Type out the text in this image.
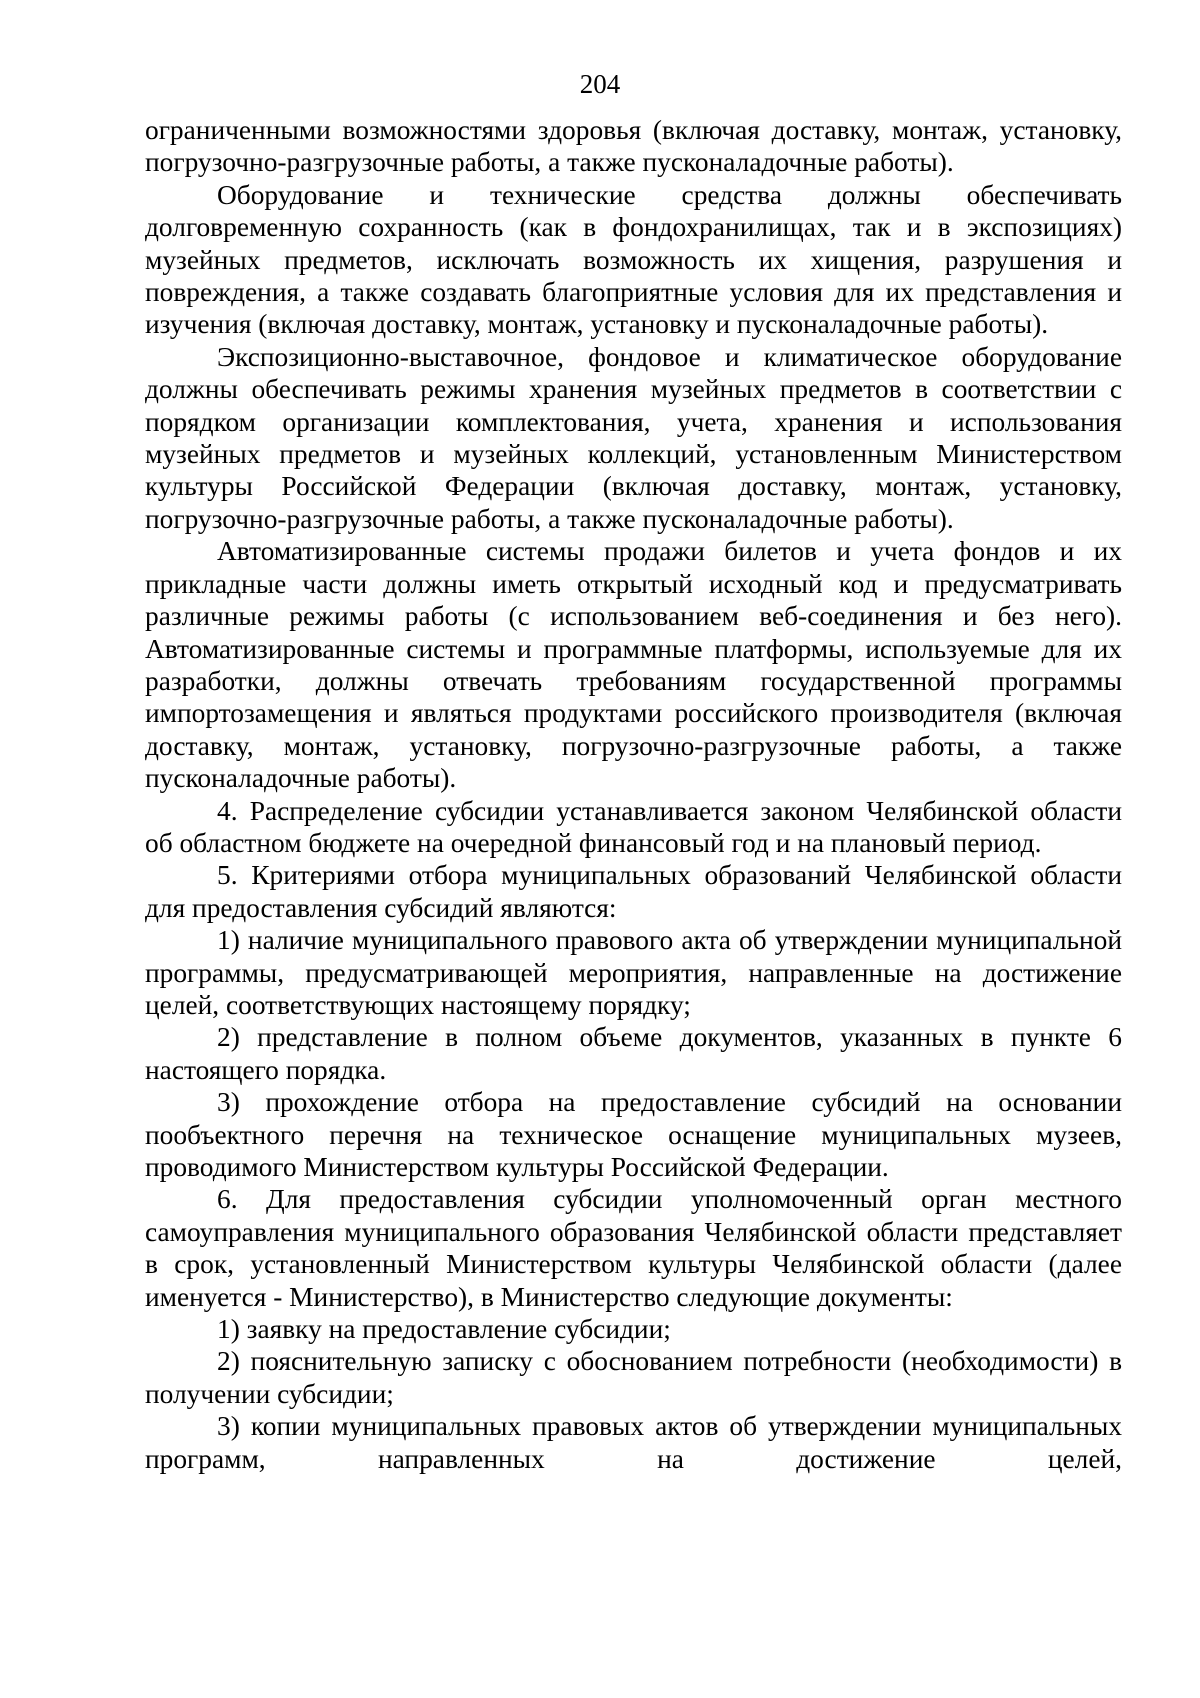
204

ограниченными возможностями здоровья (включая доставку, монтаж, установку, погрузочно-разгрузочные работы, а также пусконаладочные работы).

Оборудование и технические средства должны обеспечивать долговременную сохранность (как в фондохранилищах, так и в экспозициях) музейных предметов, исключать возможность их хищения, разрушения и повреждения, а также создавать благоприятные условия для их представления и изучения (включая доставку, монтаж, установку и пусконаладочные работы).

Экспозиционно-выставочное, фондовое и климатическое оборудование должны обеспечивать режимы хранения музейных предметов в соответствии с порядком организации комплектования, учета, хранения и использования музейных предметов и музейных коллекций, установленным Министерством культуры Российской Федерации (включая доставку, монтаж, установку, погрузочно-разгрузочные работы, а также пусконаладочные работы).

Автоматизированные системы продажи билетов и учета фондов и их прикладные части должны иметь открытый исходный код и предусматривать различные режимы работы (с использованием веб-соединения и без него). Автоматизированные системы и программные платформы, используемые для их разработки, должны отвечать требованиям государственной программы импортозамещения и являться продуктами российского производителя (включая доставку, монтаж, установку, погрузочно-разгрузочные работы, а также пусконаладочные работы).

4. Распределение субсидии устанавливается законом Челябинской области об областном бюджете на очередной финансовый год и на плановый период.

5. Критериями отбора муниципальных образований Челябинской области для предоставления субсидий являются:

1) наличие муниципального правового акта об утверждении муниципальной программы, предусматривающей мероприятия, направленные на достижение целей, соответствующих настоящему порядку;

2) представление в полном объеме документов, указанных в пункте 6 настоящего порядка.

3) прохождение отбора на предоставление субсидий на основании пообъектного перечня на техническое оснащение муниципальных музеев, проводимого Министерством культуры Российской Федерации.

6. Для предоставления субсидии уполномоченный орган местного самоуправления муниципального образования Челябинской области представляет в срок, установленный Министерством культуры Челябинской области (далее именуется - Министерство), в Министерство следующие документы:

1) заявку на предоставление субсидии;

2) пояснительную записку с обоснованием потребности (необходимости) в получении субсидии;

3) копии муниципальных правовых актов об утверждении муниципальных программ, направленных на достижение целей,
